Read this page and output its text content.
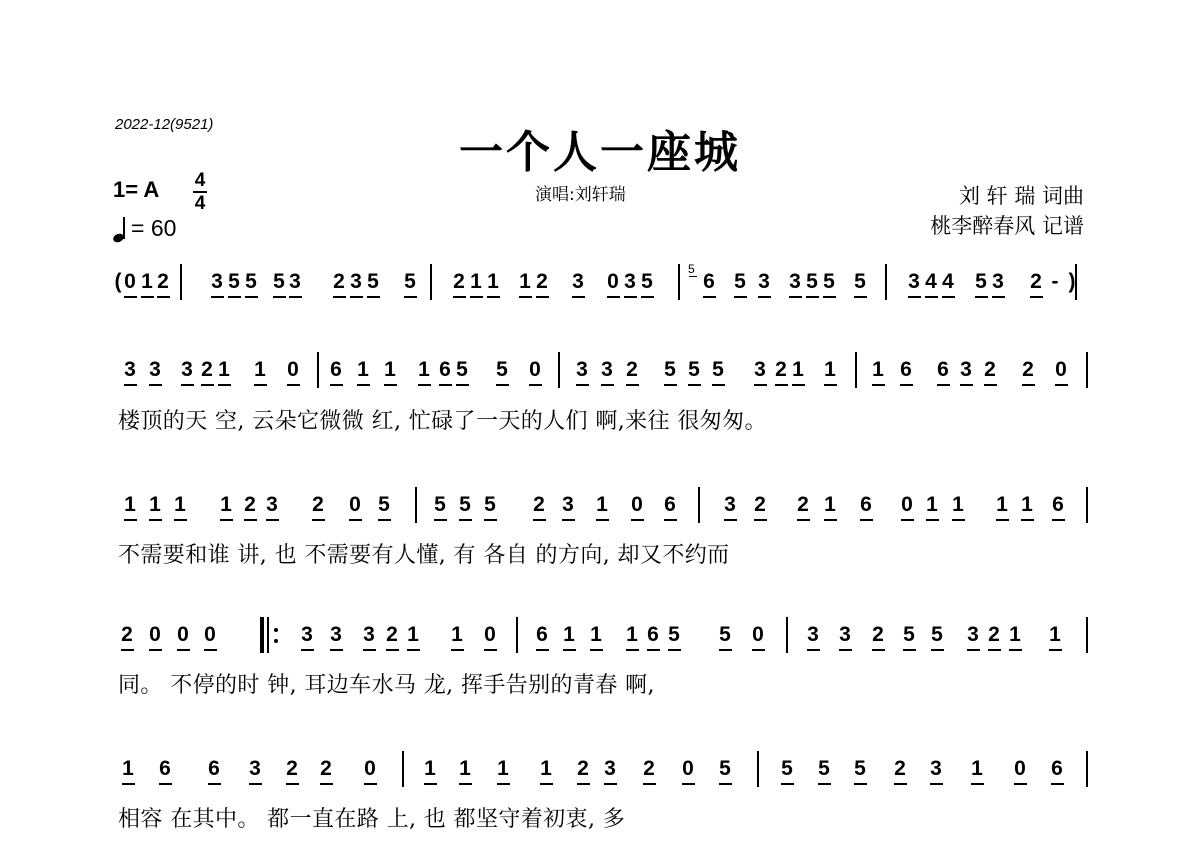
2022-12(9521)
一个人一座城
1= A 4
4
= 60
演唱:刘轩瑞	刘 轩 瑞 词曲
桃李醉春风 记谱
5
( 0 1 2 3 5 5 5 3 2 3 5 5 2 1 1 1 2 3 0 3 5 6 5 3 3 5 5 5 3 4 4 5 3 2 - )
3 3 3 2 1 1 0 6 1 1 1 6 5 5 0 3 3 2 5 5 5 3 2 1 1 1 6 6 3 2 2 0
楼顶的天 空, 云朵它微微 红, 忙碌了一天的人们 啊,来往 很匆匆。
1 1 1 1 2 3 2 0 5 5 5 5 2 3 1 0 6 3 2 2 1 6 0 1 1 1 1 6
不需要和谁 讲, 也 不需要有人懂, 有 各自 的方向, 却又不约而
2 0 0 0	3 3 3 2 1 1 0 6 1 1 1 6 5 5 0 3 3 2 5 5 3 2 1 1
同。 不停的时 钟, 耳边车水马 龙, 挥手告别的青春 啊,
1 6 6 3 2 2 0 1 1 1 1 2 3 2 0 5 5 5 5 2 3 1 0 6
相容 在其中。 都一直在路 上, 也 都坚守着初衷, 多
